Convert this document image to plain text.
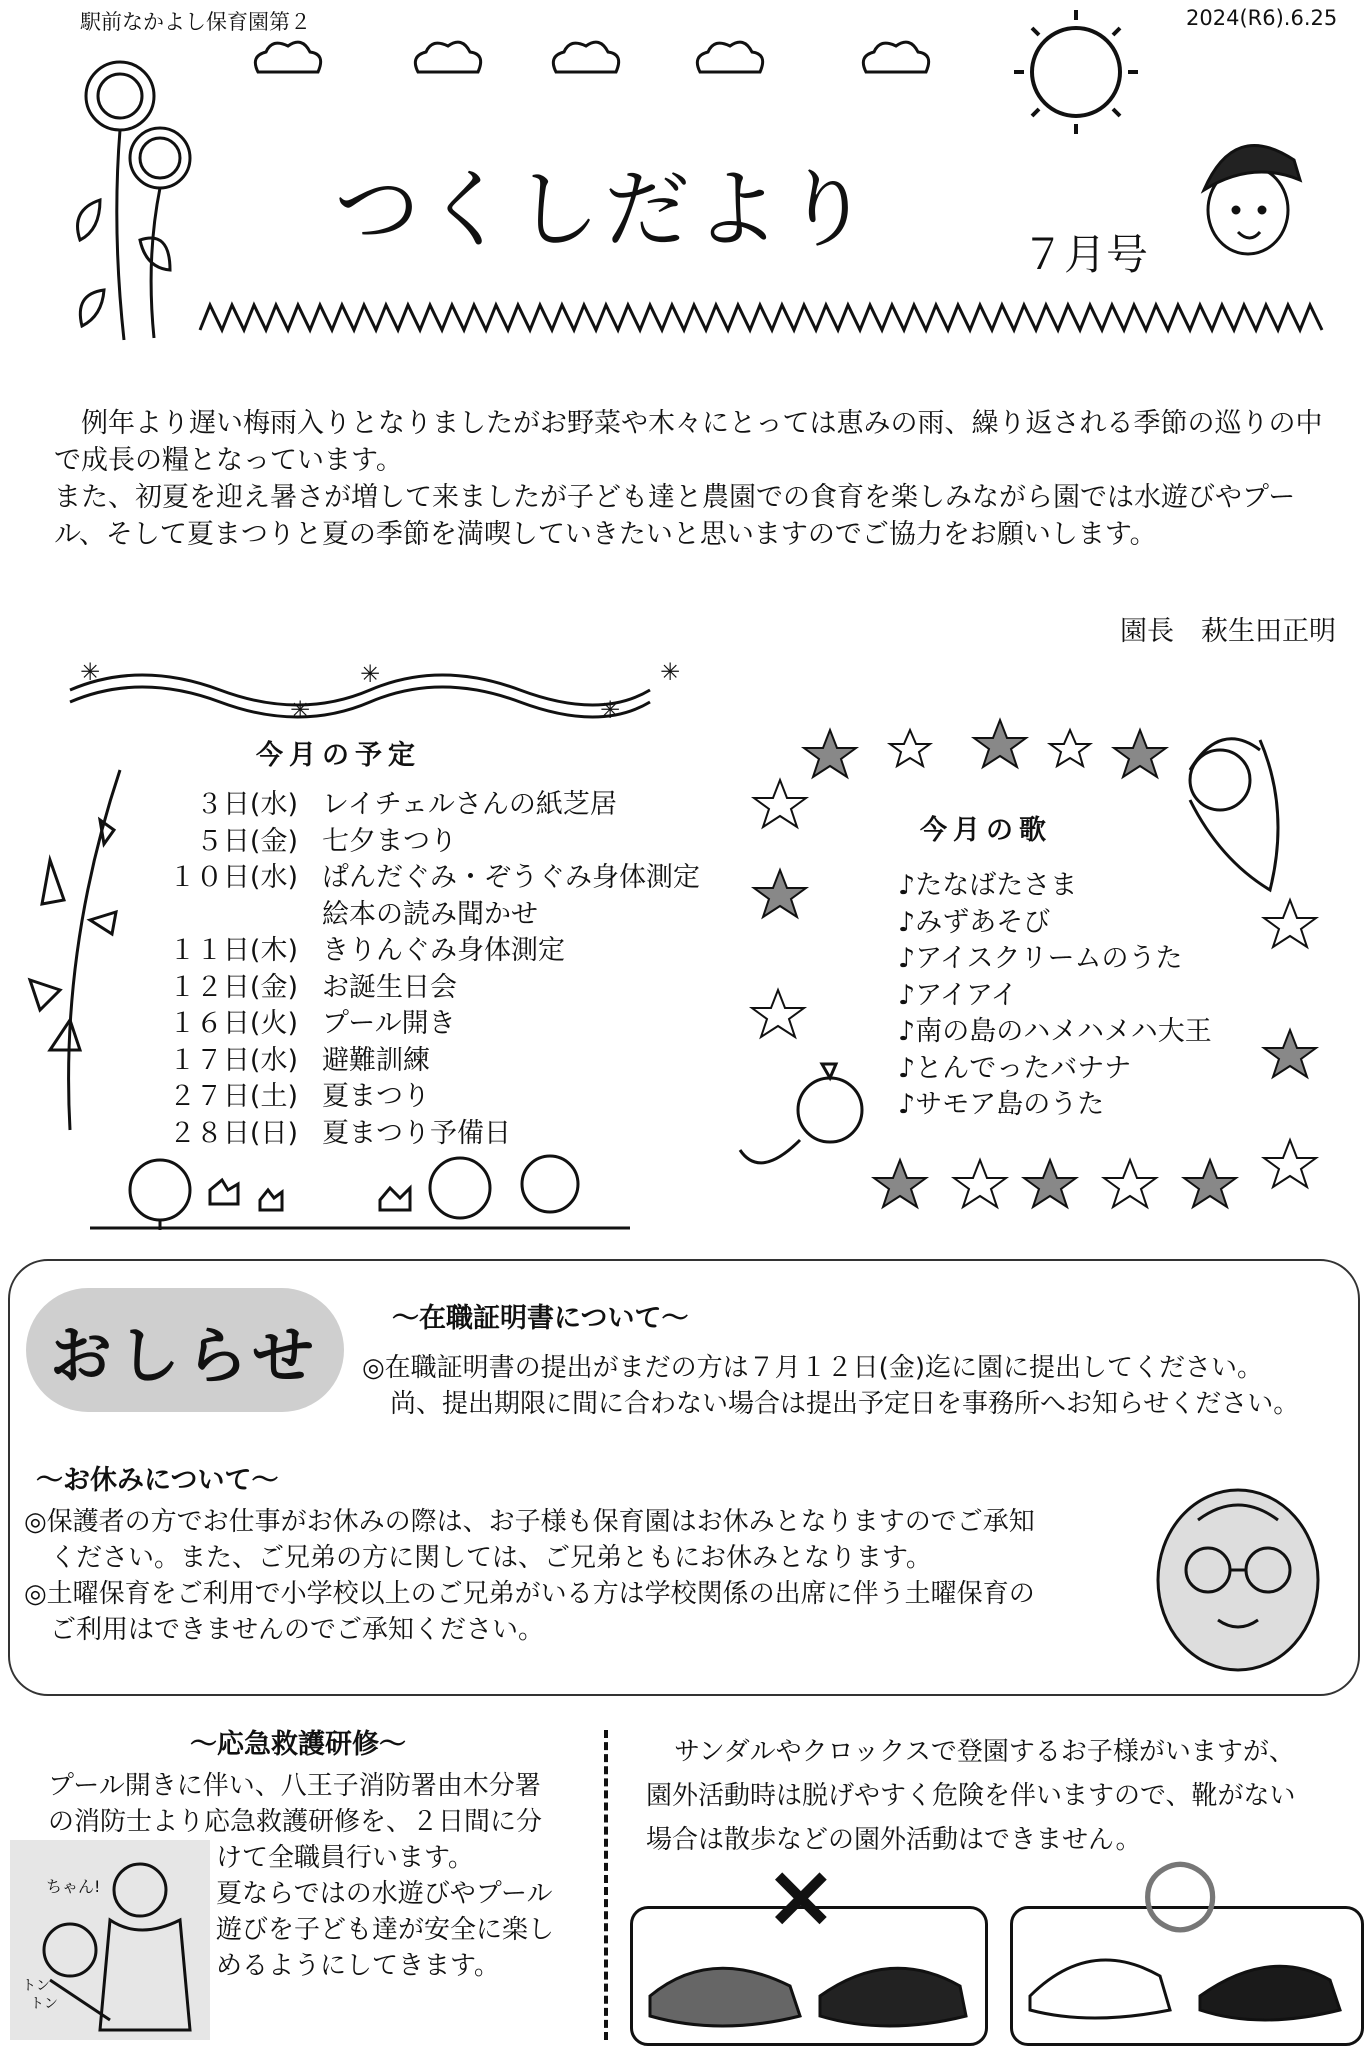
駅前なかよし保育園第２	2024(R6).6.25
つくしだより	７月号

例年より遅い梅雨入りとなりましたがお野菜や木々にとっては恵みの雨、繰り返される季節の巡りの中で成長の糧となっています。

また、初夏を迎え暑さが増して来ましたが子ども達と農園での食育を楽しみながら園では水遊びやプール、そして夏まつりと夏の季節を満喫していきたいと思いますのでご協力をお願いします。

園長　萩生田正明
✳
✳
✳
✳
✳
今月の予定
３日(水) レイチェルさんの紙芝居
５日(金) 七夕まつり
１０日(水) ぱんだぐみ・ぞうぐみ身体測定
絵本の読み聞かせ
１１日(木) きりんぐみ身体測定
１２日(金) お誕生日会
１６日(火) プール開き
１７日(水) 避難訓練
２７日(土) 夏まつり
２８日(日) 夏まつり予備日
今月の歌
♪たなばたさま
♪みずあそび
♪アイスクリームのうた
♪アイアイ
♪南の島のハメハメハ大王
♪とんでったバナナ
♪サモア島のうた
おしらせ	～在職証明書について～

◎在職証明書の提出がまだの方は７月１２日(金)迄に園に提出してください。

尚、提出期限に間に合わない場合は提出予定日を事務所へお知らせください。

～お休みについて～

◎保護者の方でお仕事がお休みの際は、お子様も保育園はお休みとなりますのでご承知

ください。また、ご兄弟の方に関しては、ご兄弟ともにお休みとなります。

◎土曜保育をご利用で小学校以上のご兄弟がいる方は学校関係の出席に伴う土曜保育の

ご利用はできませんのでご承知ください。

～応急救護研修～

プール開きに伴い、八王子消防署由木分署

の消防士より応急救護研修を、２日間に分

けて全職員行います。

夏ならではの水遊びやプール

遊びを子ども達が安全に楽し

めるようにしてきます。

ちゃん!
トン
トン

サンダルやクロックスで登園するお子様がいますが、

園外活動時は脱げやすく危険を伴いますので、靴がない

場合は散歩などの園外活動はできません。

×	○
